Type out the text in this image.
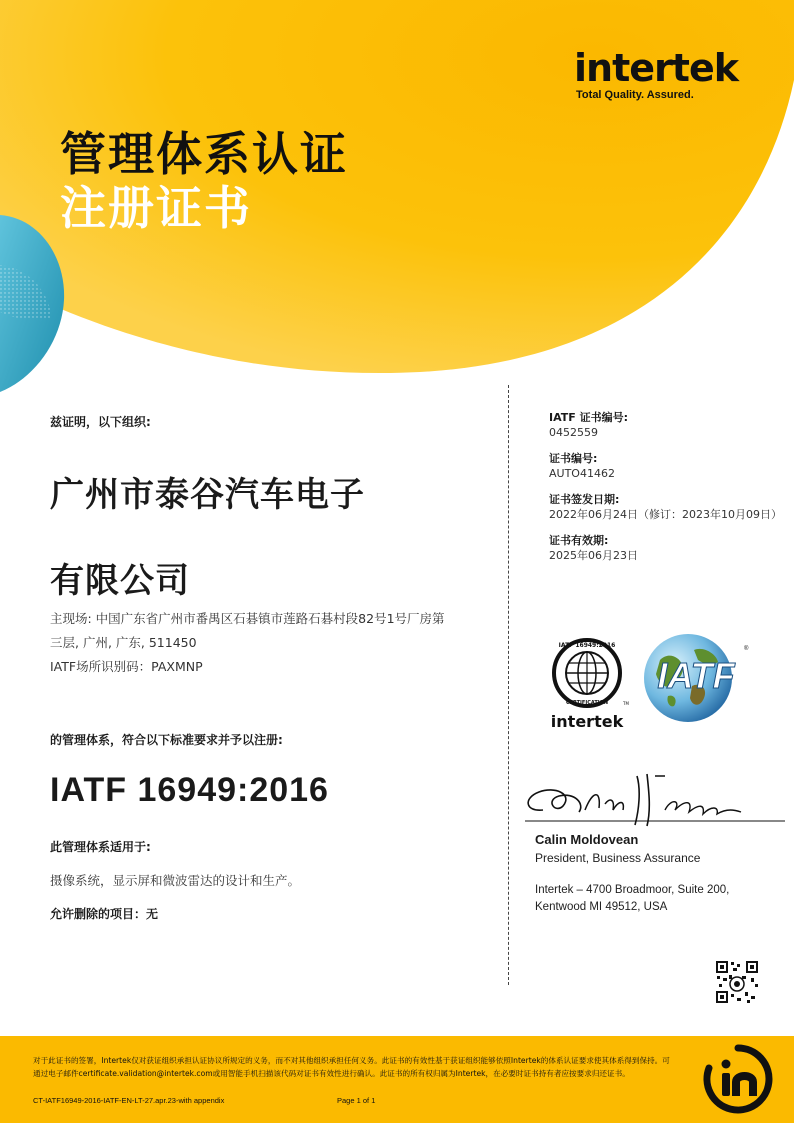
intertek
Total Quality. Assured.
管理体系认证
注册证书
兹证明，以下组织:
广州市泰谷汽车电子
有限公司
主现场: 中国广东省广州市番禺区石碁镇市莲路石碁村段82号1号厂房第
三层, 广州, 广东, 511450
IATF场所识别码：PAXMNP
的管理体系，符合以下标准要求并予以注册:
IATF 16949:2016
此管理体系适用于:
摄像系统，显示屏和微波雷达的设计和生产。
允许删除的项目：无
IATF 证书编号:
0452559
证书编号:
AUTO41462
证书签发日期:
2022年06月24日（修订：2023年10月09日）
证书有效期:
2025年06月23日
IATF 16949:2016
CERTIFICATION	TM
intertek
IATF
®
Calin Moldovean
President, Business Assurance
Intertek – 4700 Broadmoor, Suite 200,
Kentwood MI 49512, USA
对于此证书的签署，Intertek仅对获证组织承担认证协议所规定的义务，而不对其他组织承担任何义务。此证书的有效性基于获证组织能够依照Intertek的体系认证要求使其体系得到保持。可通过电子邮件certificate.validation@intertek.com或用智能手机扫描该代码对证书有效性进行确认。此证书的所有权归属为Intertek，在必要时证书持有者应按要求归还证书。
CT-IATF16949-2016-IATF-EN-LT-27.apr.23-with appendix	Page 1 of 1
